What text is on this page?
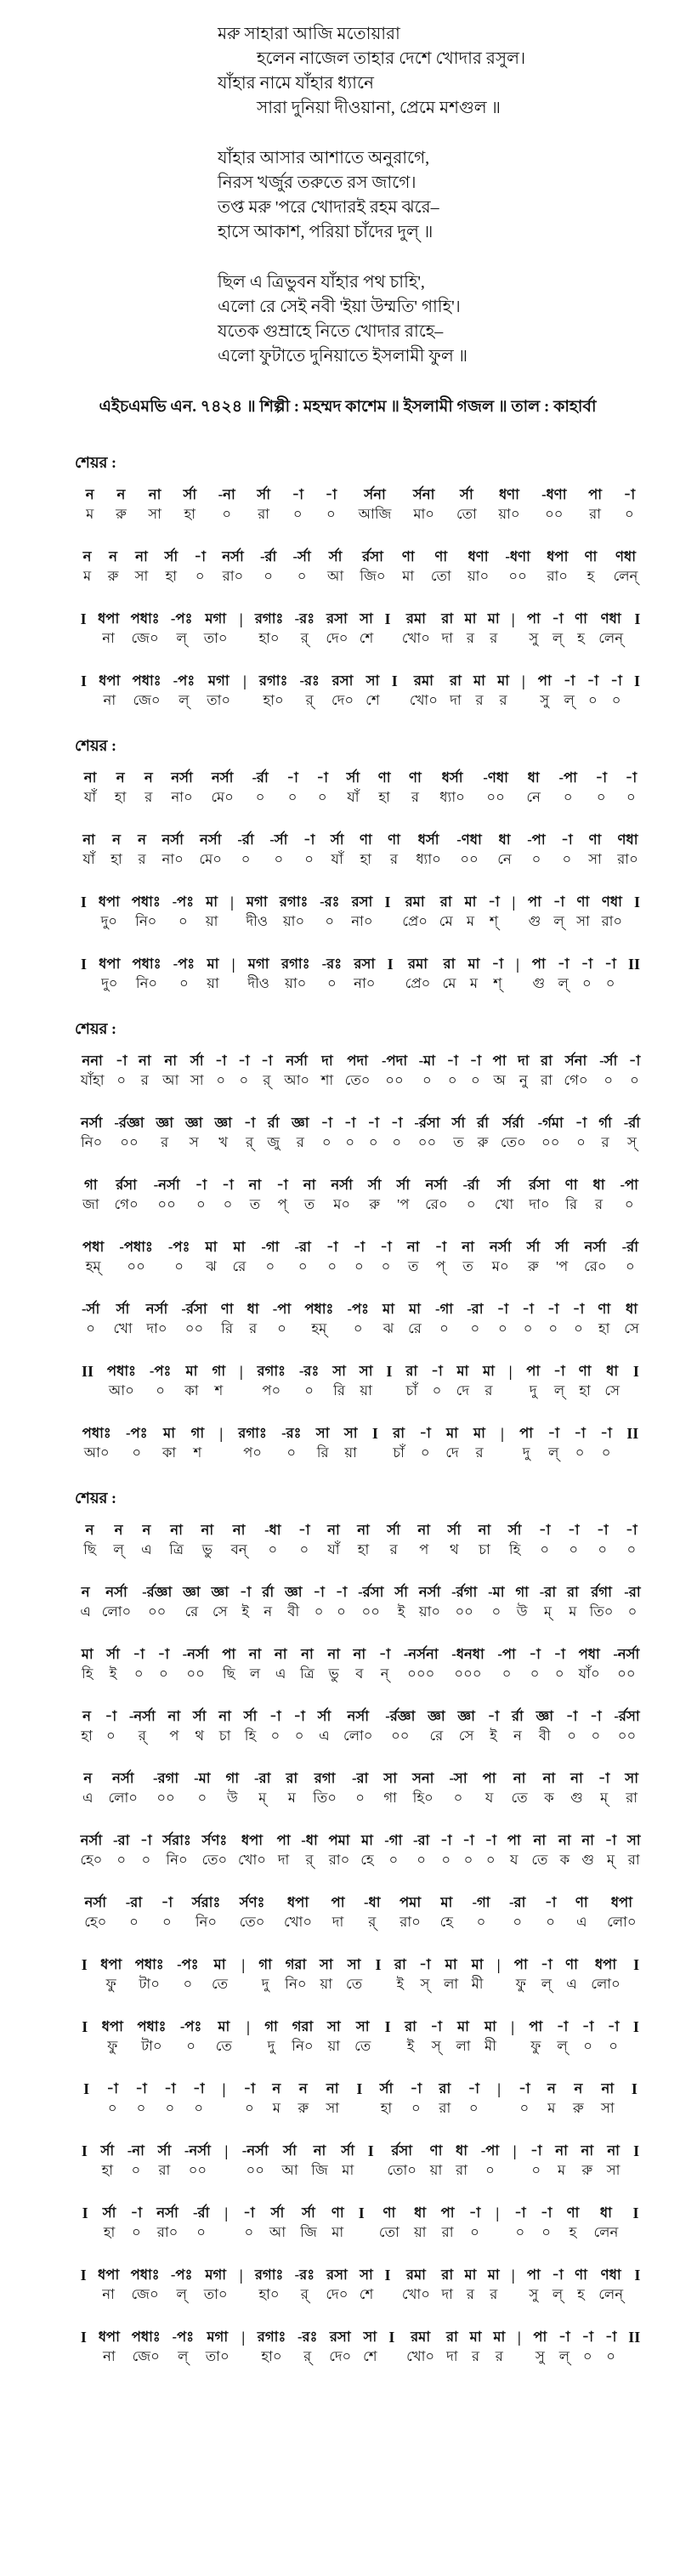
মরু সাহারা আজি মতোয়ারা
হলেন নাজেল তাহার দেশে খোদার রসুল।
যাঁহার নামে যাঁহার ধ্যানে
সারা দুনিয়া দীওয়ানা, প্রেমে মশগুল ॥
যাঁহার আসার আশাতে অনুরাগে,
নিরস খর্জুর তরুতে রস জাগে।
তপ্ত মরু 'পরে খোদারই রহম ঝরে–
হাসে আকাশ, পরিয়া চাঁদের দুল্ ॥
ছিল এ ত্রিভুবন যাঁহার পথ চাহি',
এলো রে সেই নবী 'ইয়া উম্মতি' গাহি'।
যতেক গুম্রাহে নিতে খোদার রাহে–
এলো ফুটাতে দুনিয়াতে ইসলামী ফুল ॥
এইচএমভি এন. ৭৪২৪ ॥ শিল্পী : মহম্মদ কাশেম ॥ ইসলামী গজল ॥ তাল : কাহার্বা
শেয়র :
ন
ম
ন
রু
না
সা
র্সা
হা
-না
০
র্সা
রা
-া
০
-া
০
র্সনা
আজি
র্সনা
মা০
র্সা
তো
ধণা
য়া০
-ধণা
০০
পা
রা
-া
০
ন
ম
ন
রু
না
সা
র্সা
হা
-া
০
নর্সা
রা০
-র্রা
০
-র্সা
০
র্সা
আ
র্রসা
জি০
ণা
মা
ণা
তো
ধণা
য়া০
-ধণা
০০
ধপা
রা০
ণা
হ
ণধা
লেন্
I ধপা
না
পধাঃ
জে০
-পঃ
ল্
মগা
তা০
| রগাঃ
হা০
-রঃ
র্
রসা
দে০
সা
শে
I রমা
খো০
রা
দা
মা
র
মা
র
| পা
সু
-া
ল্
ণা
হ
ণধা
লেন্
I
I ধপা
না
পধাঃ
জে০
-পঃ
ল্
মগা
তা০
| রগাঃ
হা০
-রঃ
র্
রসা
দে০
সা
শে
I রমা
খো০
রা
দা
মা
র
মা
র
| পা
সু
-া
ল্
-া
০
-া
০
I
শেয়র :
না
যাঁ
ন
হা
ন
র
নর্সা
না০
নর্সা
মে০
-র্রা
০
-া
০
-া
০
র্সা
যাঁ
ণা
হা
ণা
র
ধর্সা
ধ্যা০
-ণধা
০০
ধা
নে
-পা
০
-া
০
-া
০
না
যাঁ
ন
হা
ন
র
নর্সা
না০
নর্সা
মে০
-র্রা
০
-র্সা
০
-া
০
র্সা
যাঁ
ণা
হা
ণা
র
ধর্সা
ধ্যা০
-ণধা
০০
ধা
নে
-পা
০
-া
০
ণা
সা
ণধা
রা০
I ধপা
দু০
পধাঃ
নি০
-পঃ
০
মা
য়া
| মগা
দীও
রগাঃ
য়া০
-রঃ
০
রসা
না০
I রমা
প্রে০
রা
মে
মা
ম
-া
শ্
| পা
গু
-া
ল্
ণা
সা
ণধা
রা০
I
I ধপা
দু০
পধাঃ
নি০
-পঃ
০
মা
য়া
| মগা
দীও
রগাঃ
য়া০
-রঃ
০
রসা
না০
I রমা
প্রে০
রা
মে
মা
ম
-া
শ্
| পা
গু
-া
ল্
-া
০
-া
০
II
শেয়র :
ননা
যাঁহা
-া
০
না
র
না
আ
র্সা
সা
-া
০
-া
০
-া
র্
নর্সা
আ০
দা
শা
পদা
তে০
-পদা
০০
-মা
০
-া
০
-া
০
পা
অ
দা
নু
রা
রা
র্সনা
গে০
-র্সা
০
-া
০
নর্সা
নি০
-র্রজ্ঞা
০০
জ্ঞা
র
জ্ঞা
স
জ্ঞা
খ
-া
র্
র্রা
জু
জ্ঞা
র
-া
০
-া
০
-া
০
-া
০
-র্রসা
০০
র্সা
ত
র্রা
রু
র্সর্রা
তে০
-র্গমা
০০
-া
০
র্গা
র
-র্রা
স্
গা
জা
র্রসা
গে০
-নর্সা
০০
-া
০
-া
০
না
ত
-া
প্
না
ত
নর্সা
ম০
র্সা
রু
র্সা
'প
নর্সা
রে০
-র্রা
০
র্সা
খো
র্রসা
দা০
ণা
রি
ধা
র
-পা
০
পধা
হম্
-পধাঃ
০০
-পঃ
০
মা
ঝ
মা
রে
-গা
০
-রা
০
-া
০
-া
০
-া
০
না
ত
-া
প্
না
ত
নর্সা
ম০
র্সা
রু
র্সা
'প
নর্সা
রে০
-র্রা
০
-র্সা
০
র্সা
খো
নর্সা
দা০
-র্রসা
০০
ণা
রি
ধা
র
-পা
০
পধাঃ
হম্
-পঃ
০
মা
ঝ
মা
রে
-গা
০
-রা
০
-া
০
-া
০
-া
০
-া
০
ণা
হা
ধা
সে
II পধাঃ
আ০
-পঃ
০
মা
কা
গা
শ
| রগাঃ
প০
-রঃ
০
সা
রি
সা
য়া
I রা
চাঁ
-া
০
মা
দে
মা
র
| পা
দু
-া
ল্
ণা
হা
ধা
সে
I
পধাঃ
আ০
-পঃ
০
মা
কা
গা
শ
| রগাঃ
প০
-রঃ
০
সা
রি
সা
য়া
I রা
চাঁ
-া
০
মা
দে
মা
র
| পা
দু
-া
ল্
-া
০
-া
০
II
শেয়র :
ন
ছি
ন
ল্
ন
এ
না
ত্রি
না
ভু
না
বন্
-ধা
০
-া
০
না
যাঁ
না
হা
র্সা
র
না
প
র্সা
থ
না
চা
র্সা
হি
-া
০
-া
০
-া
০
-া
০
ন
এ
নর্সা
লো০
-র্রজ্ঞা
০০
জ্ঞা
রে
জ্ঞা
সে
-া
ই
র্রা
ন
জ্ঞা
বী
-া
০
-া
০
-র্রসা
০০
র্সা
ই
নর্সা
য়া০
-র্রগা
০০
-মা
০
গা
উ
-রা
ম্
রা
ম
র্রগা
তি০
-রা
০
মা
হি
র্সা
ই
-া
০
-া
০
-নর্সা
০০
পা
ছি
না
ল
না
এ
না
ত্রি
না
ভু
না
ব
-া
ন্
-নর্সনা
০০০
-ধনধা
০০০
-পা
০
-া
০
-া
০
পধা
যাঁ০
-নর্সা
০০
ন
হা
-া
০
-নর্সা
র্
না
প
র্সা
থ
না
চা
র্সা
হি
-া
০
-া
০
র্সা
এ
নর্সা
লো০
-র্রজ্ঞা
০০
জ্ঞা
রে
জ্ঞা
সে
-া
ই
র্রা
ন
জ্ঞা
বী
-া
০
-া
০
-র্রসা
০০
ন
এ
নর্সা
লো০
-রগা
০০
-মা
০
গা
উ
-রা
ম্
রা
ম
রগা
তি০
-রা
০
সা
গা
সনা
হি০
-সা
০
পা
য
না
তে
না
ক
না
গু
-া
ম্
সা
রা
নর্সা
হে০
-রা
০
-া
০
র্সরাঃ
নি০
র্সণঃ
তে০
ধপা
খো০
পা
দা
-ধা
র্
পমা
রা০
মা
হে
-গা
০
-রা
০
-া
০
-া
০
-া
০
পা
য
না
তে
না
ক
না
গু
-া
ম্
সা
রা
নর্সা
হে০
-রা
০
-া
০
র্সরাঃ
নি০
র্সণঃ
তে০
ধপা
খো০
পা
দা
-ধা
র্
পমা
রা০
মা
হে
-গা
০
-রা
০
-া
০
ণা
এ
ধপা
লো০
I ধপা
ফু
পধাঃ
টা০
-পঃ
০
মা
তে
| গা
দু
গরা
নি০
সা
য়া
সা
তে
I রা
ই
-া
স্
মা
লা
মা
মী
| পা
ফু
-া
ল্
ণা
এ
ধপা
লো০
I
I ধপা
ফু
পধাঃ
টা০
-পঃ
০
মা
তে
| গা
দু
গরা
নি০
সা
য়া
সা
তে
I রা
ই
-া
স্
মা
লা
মা
মী
| পা
ফু
-া
ল্
-া
০
-া
০
I
I -া
০
-া
০
-া
০
-া
০
| -া
০
ন
ম
ন
রু
না
সা
I র্সা
হা
-া
০
রা
রা
-া
০
| -া
০
ন
ম
ন
রু
না
সা
I
I র্সা
হা
-না
০
র্সা
রা
-নর্সা
০০
| -নর্সা
০০
র্সা
আ
না
জি
র্সা
মা
I র্রসা
তো০
ণা
য়া
ধা
রা
-পা
০
| -া
০
না
ম
না
রু
না
সা
I
I র্সা
হা
-া
০
নর্সা
রা০
-র্রা
০
| -া
০
র্সা
আ
র্সা
জি
ণা
মা
I ণা
তো
ধা
য়া
পা
রা
-া
০
| -া
০
-া
০
ণা
হ
ধা
লেন
I
I ধপা
না
পধাঃ
জে০
-পঃ
ল্
মগা
তা০
| রগাঃ
হা০
-রঃ
র্
রসা
দে০
সা
শে
I রমা
খো০
রা
দা
মা
র
মা
র
| পা
সু
-া
ল্
ণা
হ
ণধা
লেন্
I
I ধপা
না
পধাঃ
জে০
-পঃ
ল্
মগা
তা০
| রগাঃ
হা০
-রঃ
র্
রসা
দে০
সা
শে
I রমা
খো০
রা
দা
মা
র
মা
র
| পা
সু
-া
ল্
-া
০
-া
০
II
